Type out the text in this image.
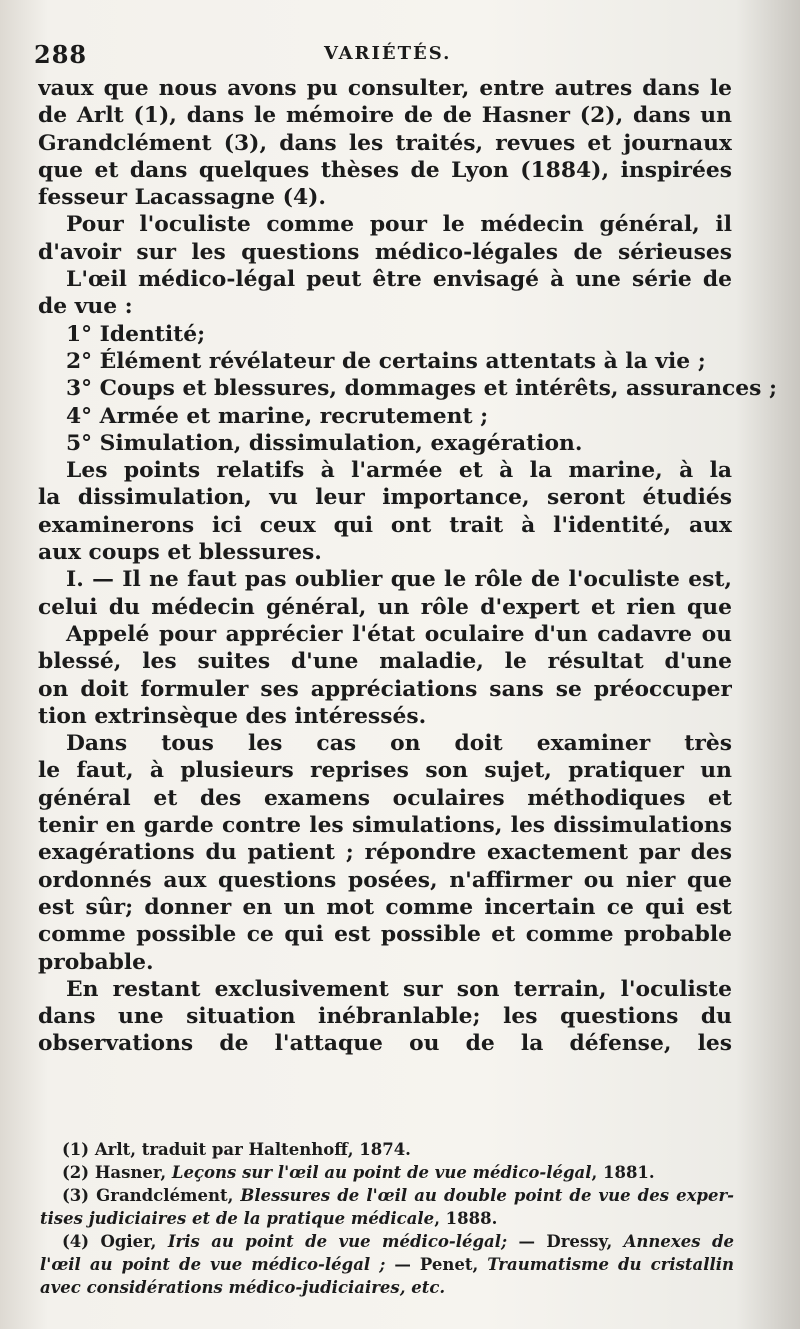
288	VARIÉTÉS.
vaux que nous avons pu consulter, entre autres dans le
de Arlt (1), dans le mémoire de de Hasner (2), dans un
Grandclément (3), dans les traités, revues et journaux
que et dans quelques thèses de Lyon (1884), inspirées
fesseur Lacassagne (4).
Pour l'oculiste comme pour le médecin général, il
d'avoir sur les questions médico-légales de sérieuses
L'œil médico-légal peut être envisagé à une série de
de vue :
1° Identité;
2° Élément révélateur de certains attentats à la vie ;
3° Coups et blessures, dommages et intérêts, assurances ;
4° Armée et marine, recrutement ;
5° Simulation, dissimulation, exagération.
Les points relatifs à l'armée et à la marine, à la
la dissimulation, vu leur importance, seront étudiés
examinerons ici ceux qui ont trait à l'identité, aux
aux coups et blessures.
I. — Il ne faut pas oublier que le rôle de l'oculiste est,
celui du médecin général, un rôle d'expert et rien que
Appelé pour apprécier l'état oculaire d'un cadavre ou
blessé, les suites d'une maladie, le résultat d'une
on doit formuler ses appréciations sans se préoccuper
tion extrinsèque des intéressés.
Dans tous les cas on doit examiner très
le faut, à plusieurs reprises son sujet, pratiquer un
général et des examens oculaires méthodiques et
tenir en garde contre les simulations, les dissimulations
exagérations du patient ; répondre exactement par des
ordonnés aux questions posées, n'affirmer ou nier que
est sûr; donner en un mot comme incertain ce qui est
comme possible ce qui est possible et comme probable
probable.
En restant exclusivement sur son terrain, l'oculiste
dans une situation inébranlable; les questions du
observations de l'attaque ou de la défense, les
(1) Arlt, traduit par Haltenhoff, 1874.
(2) Hasner, Leçons sur l'œil au point de vue médico-légal, 1881.
(3) Grandclément, Blessures de l'œil au double point de vue des exper-
tises judiciaires et de la pratique médicale, 1888.
(4) Ogier, Iris au point de vue médico-légal; — Dressy, Annexes de
l'œil au point de vue médico-légal ; — Penet, Traumatisme du cristallin
avec considérations médico-judiciaires, etc.
